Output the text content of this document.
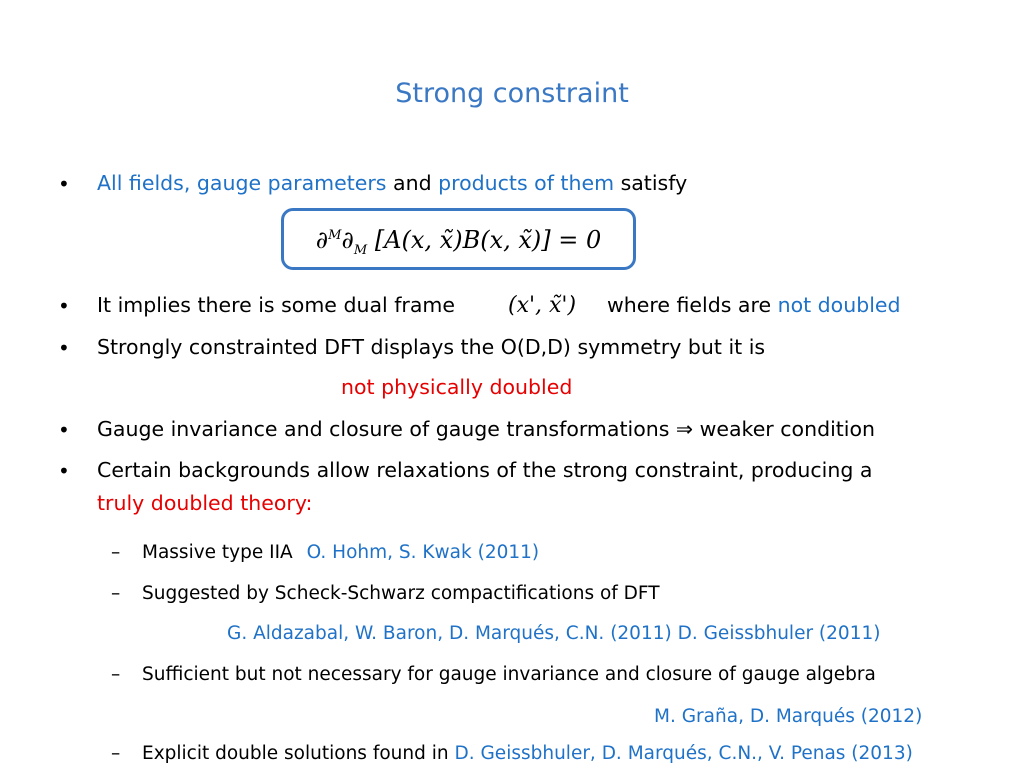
Strong constraint
• All fields, gauge parameters and products of them satisfy
$\partial^M\partial_M$ [A(x, x̃)B(x, x̃)] = 0
• It implies there is some dual frame (x', x̃') where fields are not doubled
• Strongly constrainted DFT displays the O(D,D) symmetry but it is
not physically doubled
• Gauge invariance and closure of gauge transformations ⇒ weaker condition
• Certain backgrounds allow relaxations of the strong constraint, producing a
truly doubled theory:
– Massive type IIA O. Hohm, S. Kwak (2011)
– Suggested by Scheck-Schwarz compactifications of DFT
G. Aldazabal, W. Baron, D. Marqués, C.N. (2011) D. Geissbhuler (2011)
– Sufficient but not necessary for gauge invariance and closure of gauge algebra
M. Graña, D. Marqués (2012)
– Explicit double solutions found in D. Geissbhuler, D. Marqués, C.N., V. Penas (2013)
